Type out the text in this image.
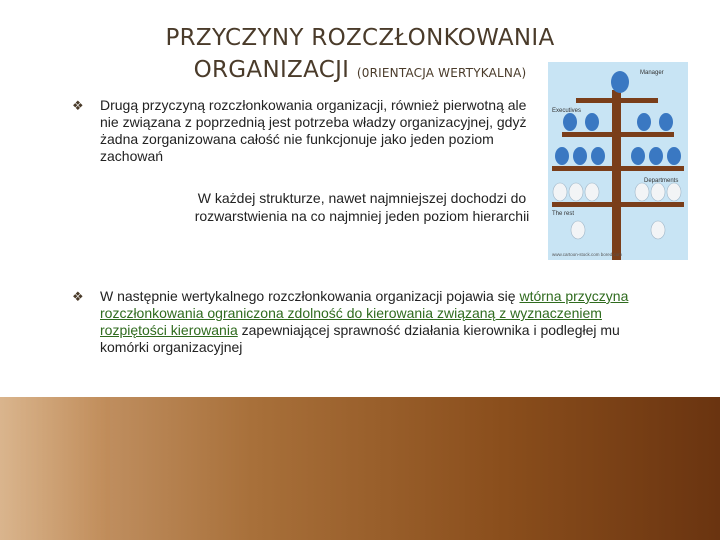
PRZYCZYNY ROZCZŁONKOWANIA
ORGANIZACJI (0RIENTACJA WERTYKALNA)
❖	Drugą przyczyną rozczłonkowania organizacji, również pierwotną ale nie związana z poprzednią jest potrzeba władzy organizacyjnej, gdyż żadna zorganizowana całość nie funkcjonuje jako jeden poziom zachowań
W każdej strukturze, nawet najmniejszej dochodzi do
rozwarstwienia na co najmniej jeden poziom hierarchii
Manager
Executives
Departments
The rest
www.cartoon-stock.com bored.com
❖	W następnie wertykalnego rozczłonkowania organizacji pojawia się wtórna przyczyna rozczłonkowania ograniczona zdolność do kierowania związaną z wyznaczeniem rozpiętości kierowania zapewniającej sprawność działania kierownika i podległej mu komórki organizacyjnej
